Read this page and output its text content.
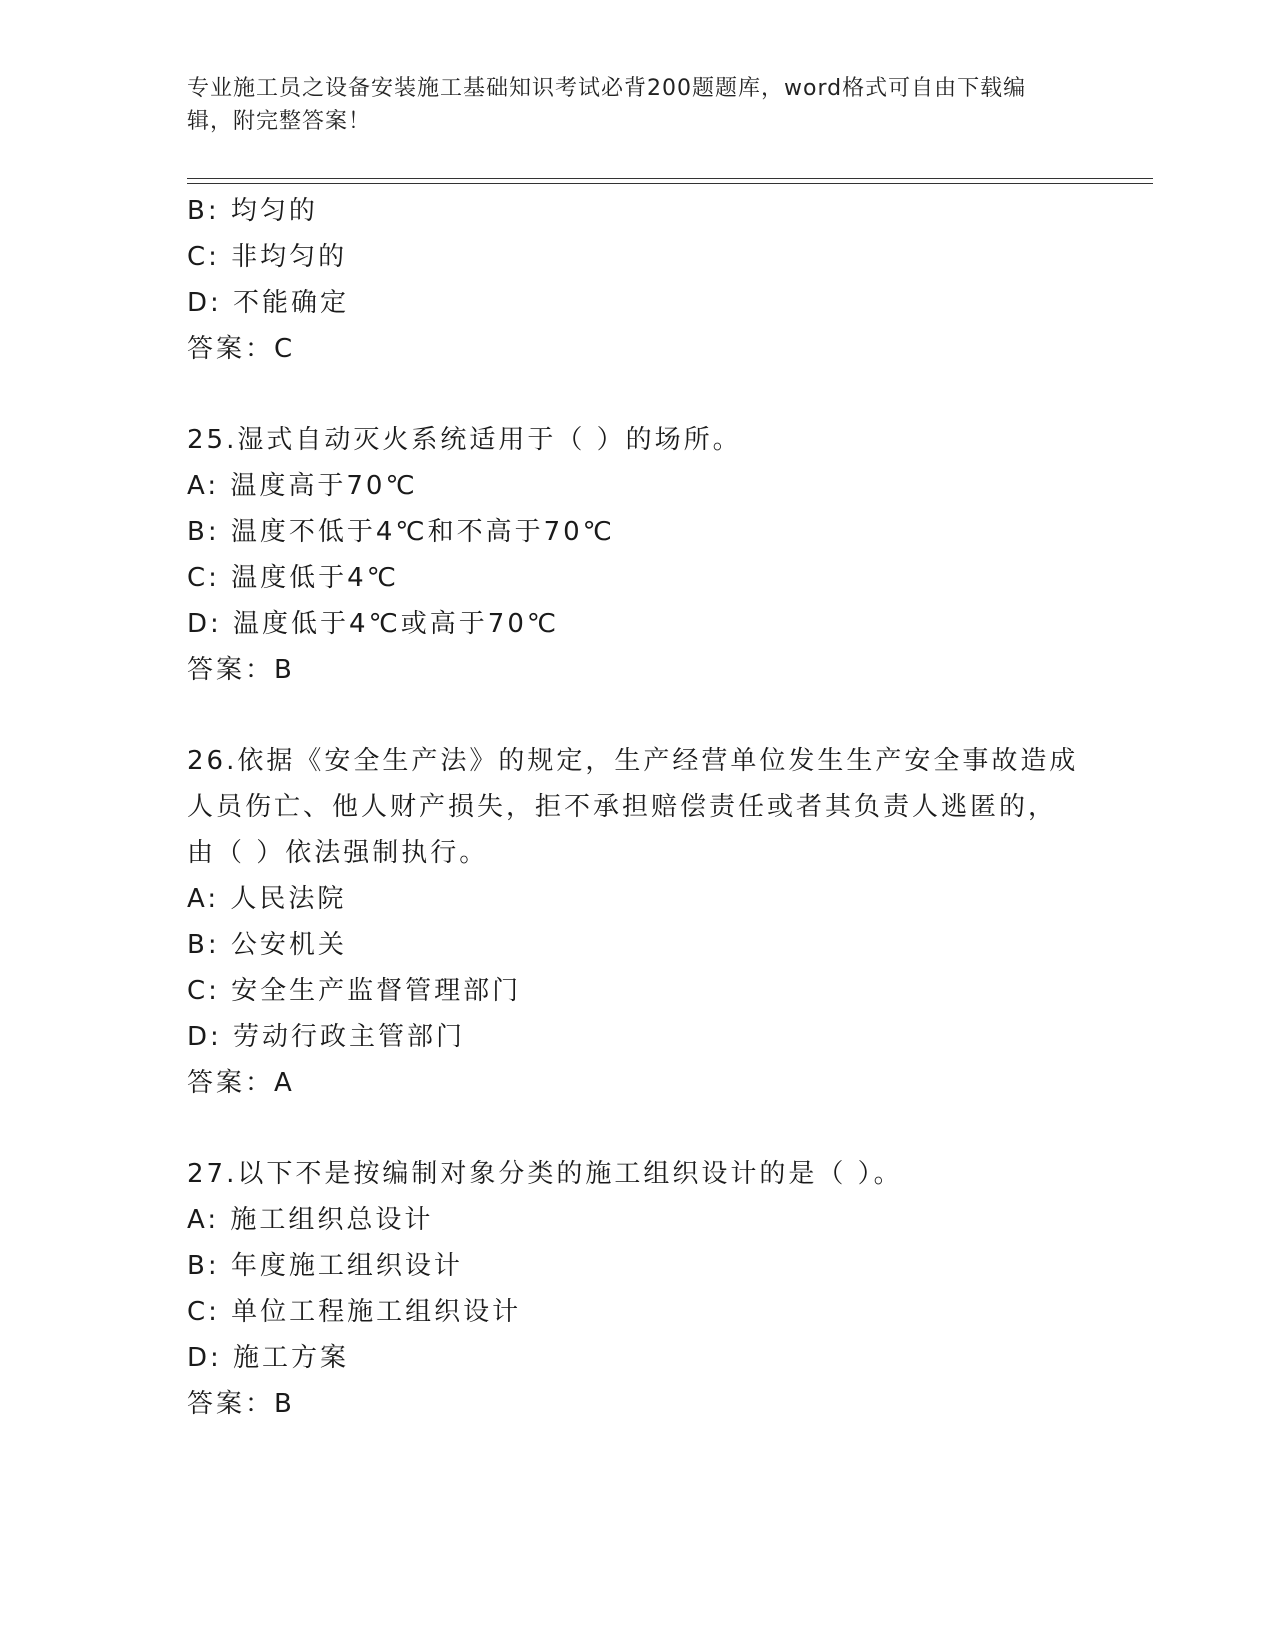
专业施工员之设备安装施工基础知识考试必背200题题库，word格式可自由下载编辑，附完整答案！
B: 均匀的
C: 非均匀的
D: 不能确定
答案：C
25.湿式自动灭火系统适用于（ ）的场所。
A: 温度高于70℃
B: 温度不低于4℃和不高于70℃
C: 温度低于4℃
D: 温度低于4℃或高于70℃
答案：B
26.依据《安全生产法》的规定，生产经营单位发生生产安全事故造成
人员伤亡、他人财产损失，拒不承担赔偿责任或者其负责人逃匿的，
由（ ）依法强制执行。
A: 人民法院
B: 公安机关
C: 安全生产监督管理部门
D: 劳动行政主管部门
答案：A
27.以下不是按编制对象分类的施工组织设计的是（ ）。
A: 施工组织总设计
B: 年度施工组织设计
C: 单位工程施工组织设计
D: 施工方案
答案：B
